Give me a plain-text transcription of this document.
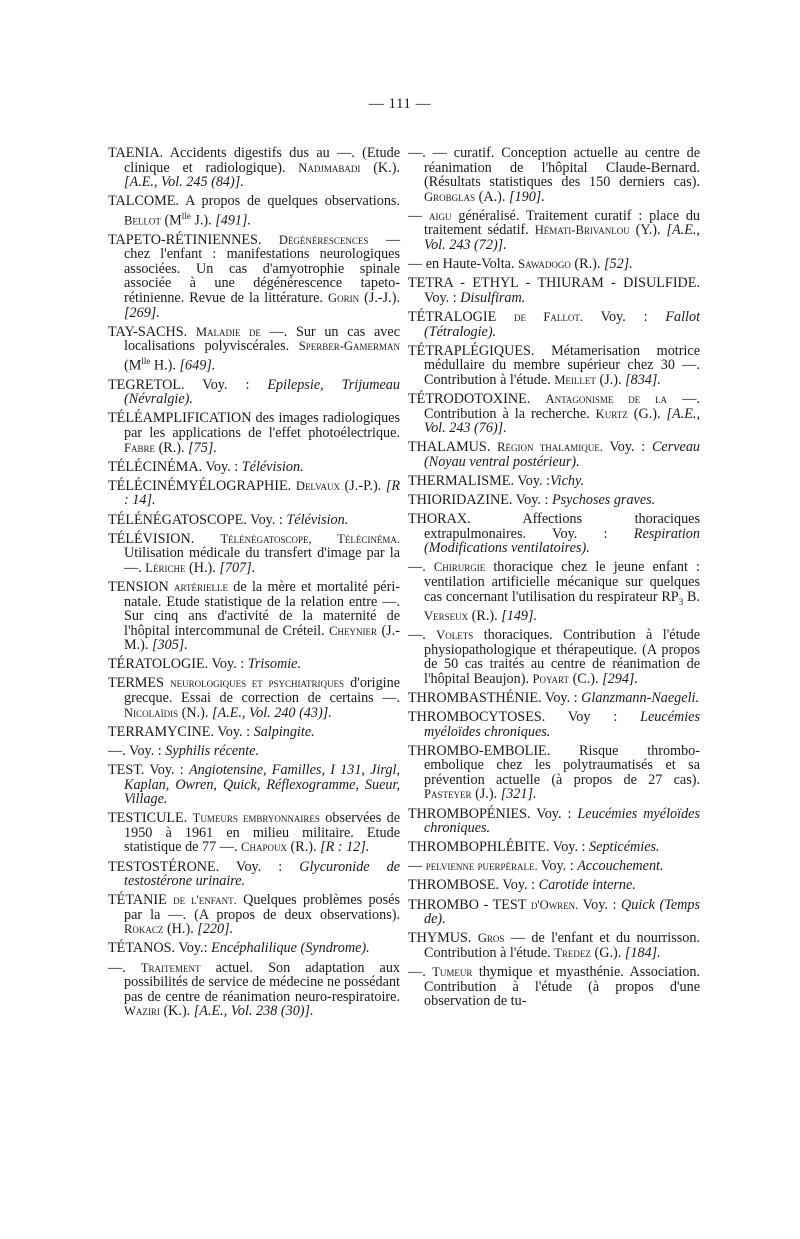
— 111 —

TAENIA. Accidents digestifs dus au —. (Etude clinique et radiologique). Nadjmabadi (K.). [A.E., Vol. 245 (84)].

TALCOME. A propos de quelques observations. Bellot ($M^{lle}$ J.). [491].

TAPETO-RÉTINIENNES. Dégénérescences — chez l'enfant : manifestations neurologiques associées. Un cas d'amyotrophie spinale associée à une dégénérescence tapeto-rétinienne. Revue de la littérature. Gorin (J.-J.). [269].

TAY-SACHS. Maladie de —. Sur un cas avec localisations polyviscérales. Sperber-Gamerman ($M^{lle}$ H.). [649].

TEGRETOL. Voy. : Epilepsie, Trijumeau (Névralgie).

TÉLÉAMPLIFICATION des images radiologiques par les applications de l'effet photoélectrique. Fabre (R.). [75].

TÉLÉCINÉMA. Voy. : Télévision.

TÉLÉCINÉMYÉLOGRAPHIE. Delvaux (J.-P.). [R : 14].

TÉLÉNÉGATOSCOPE. Voy. : Télévision.

TÉLÉVISION. Télénégatoscope, Télécinéma. Utilisation médicale du transfert d'image par la —. Lériche (H.). [707].

TENSION artérielle de la mère et mortalité péri-natale. Etude statistique de la relation entre —. Sur cinq ans d'activité de la maternité de l'hôpital intercommunal de Créteil. Cheynier (J.-M.). [305].

TÉRATOLOGIE. Voy. : Trisomie.

TERMES neurologiques et psychiatriques d'origine grecque. Essai de correction de certains —. Nicolaïdis (N.). [A.E., Vol. 240 (43)].

TERRAMYCINE. Voy. : Salpingite.

—. Voy. : Syphilis récente.

TEST. Voy. : Angiotensine, Familles, I 131, Jirgl, Kaplan, Owren, Quick, Réflexogramme, Sueur, Village.

TESTICULE. Tumeurs embryonnaires observées de 1950 à 1961 en milieu militaire. Etude statistique de 77 —. Chapoux (R.). [R : 12].

TESTOSTÉRONE. Voy. : Glycuronide de testostérone urinaire.

TÉTANIE de l'enfant. Quelques problèmes posés par la —. (A propos de deux observations). Rokacz (H.). [220].

TÉTANOS. Voy.: Encéphalilique (Syndrome).

—. Traitement actuel. Son adaptation aux possibilités de service de médecine ne possédant pas de centre de réanimation neuro-respiratoire. Waziri (K.). [A.E., Vol. 238 (30)].

—. — curatif. Conception actuelle au centre de réanimation de l'hôpital Claude-Bernard. (Résultats statistiques des 150 derniers cas). Grobglas (A.). [190].

— aigu généralisé. Traitement curatif : place du traitement sédatif. Hémati-Brivanlou (Y.). [A.E., Vol. 243 (72)].

— en Haute-Volta. Sawadogo (R.). [52].

TETRA - ETHYL - THIURAM - DISULFIDE. Voy. : Disulfiram.

TÉTRALOGIE de Fallot. Voy. : Fallot (Tétralogie).

TÉTRAPLÉGIQUES. Métamerisation motrice médullaire du membre supérieur chez 30 —. Contribution à l'étude. Meillet (J.). [834].

TÉTRODOTOXINE. Antagonisme de la —. Contribution à la recherche. Kurtz (G.). [A.E., Vol. 243 (76)].

THALAMUS. Région thalamique. Voy. : Cerveau (Noyau ventral postérieur).

THERMALISME. Voy. :Vichy.

THIORIDAZINE. Voy. : Psychoses graves.

THORAX. Affections thoraciques extrapulmonaires. Voy. : Respiration (Modifications ventilatoires).

—. Chirurgie thoracique chez le jeune enfant : ventilation artificielle mécanique sur quelques cas concernant l'utilisation du respirateur $RP_3$ B. Verseux (R.). [149].

—. Volets thoraciques. Contribution à l'étude physiopathologique et thérapeutique. (A propos de 50 cas traités au centre de réanimation de l'hôpital Beaujon). Poyart (C.). [294].

THROMBASTHÉNIE. Voy. : Glanzmann-Naegeli.

THROMBOCYTOSES. Voy : Leucémies myéloïdes chroniques.

THROMBO-EMBOLIE. Risque thrombo-embolique chez les polytraumatisés et sa prévention actuelle (à propos de 27 cas). Pasteyer (J.). [321].

THROMBOPÉNIES. Voy. : Leucémies myéloïdes chroniques.

THROMBOPHLÉBITE. Voy. : Septicémies.

— pelvienne puerpérale. Voy. : Accouchement.

THROMBOSE. Voy. : Carotide interne.

THROMBO - TEST d'Owren. Voy. : Quick (Temps de).

THYMUS. Gros — de l'enfant et du nourrisson. Contribution à l'étude. Tredez (G.). [184].

—. Tumeur thymique et myasthénie. Association. Contribution à l'étude (à propos d'une observation de tu-
